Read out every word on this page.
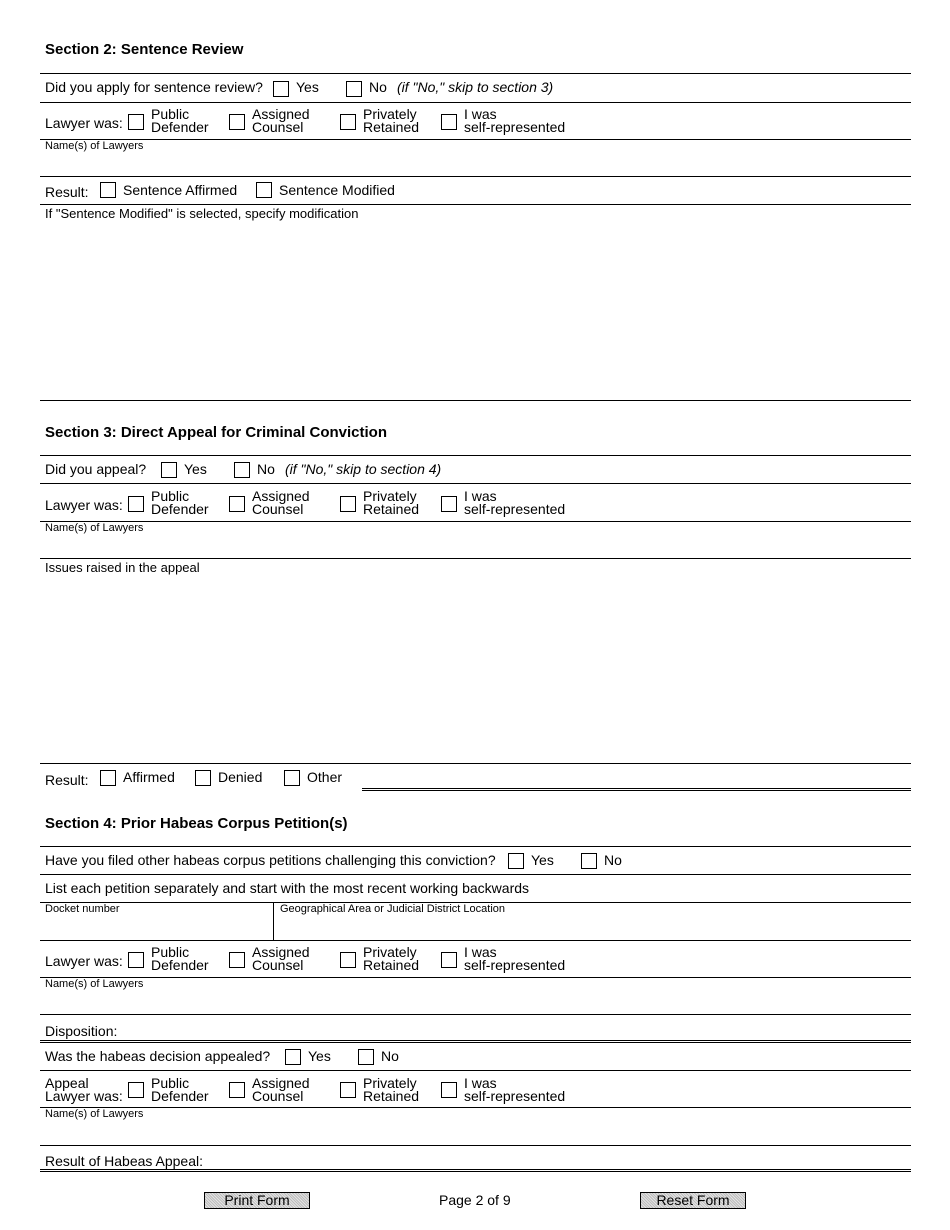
Section 2: Sentence Review
Did you apply for sentence review? Yes	No (if "No," skip to section 3)
Lawyer was:
Public
Defender
Assigned
Counsel
Privately
Retained
I was
self-represented
Name(s) of Lawyers
Result: Sentence Affirmed	Sentence Modified
If "Sentence Modified" is selected, specify modification
Section 3: Direct Appeal for Criminal Conviction
Did you appeal?	Yes	No (if "No," skip to section 4)
Lawyer was:
Public
Defender
Assigned
Counsel
Privately
Retained
I was
self-represented
Name(s) of Lawyers
Issues raised in the appeal
Result: Affirmed	Denied	Other
Section 4: Prior Habeas Corpus Petition(s)
Have you filed other habeas corpus petitions challenging this conviction?	Yes	No
List each petition separately and start with the most recent working backwards
Docket number	Geographical Area or Judicial District Location
Lawyer was:
Public
Defender
Assigned
Counsel
Privately
Retained
I was
self-represented
Name(s) of Lawyers
Disposition:
Was the habeas decision appealed?	Yes	No
Appeal
Lawyer was:
Public
Defender
Assigned
Counsel
Privately
Retained
I was
self-represented
Name(s) of Lawyers
Result of Habeas Appeal:
Print Form	Page 2 of 9	Reset Form
